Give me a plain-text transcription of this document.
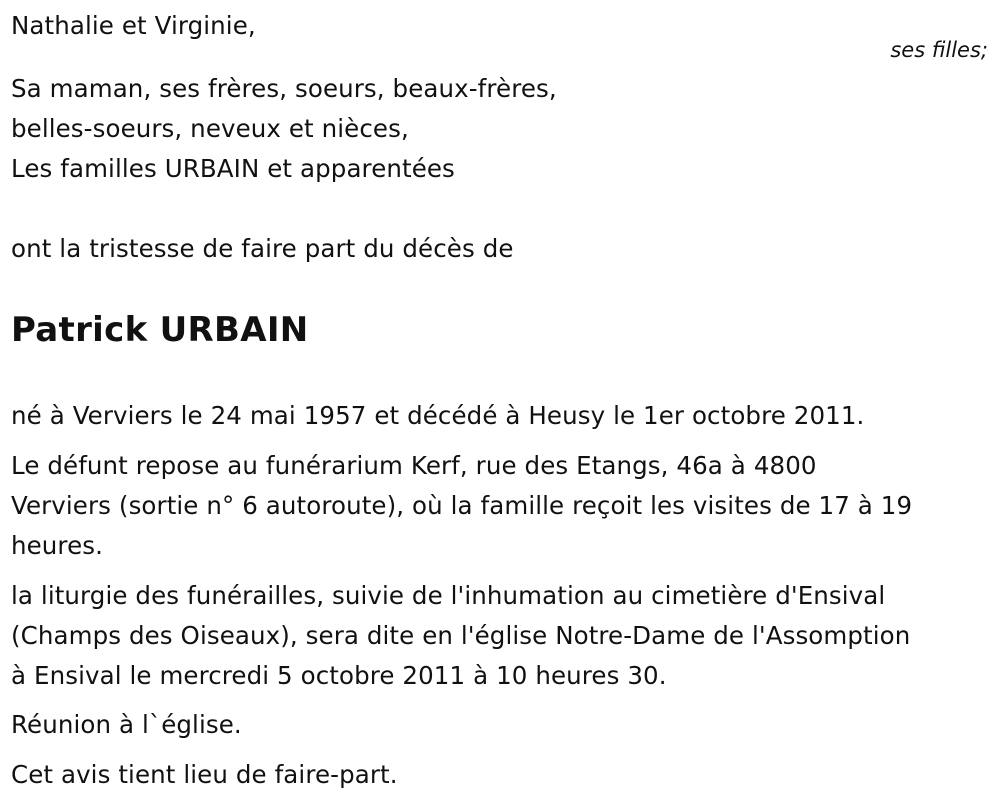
Nathalie et Virginie,

ses filles;

Sa maman, ses frères, soeurs, beaux-frères,

belles-soeurs, neveux et nièces,

Les familles URBAIN et apparentées

ont la tristesse de faire part du décès de

Patrick URBAIN

né à Verviers le 24 mai 1957 et décédé à Heusy le 1er octobre 2011.

Le défunt repose au funérarium Kerf, rue des Etangs, 46a à 4800

Verviers (sortie n° 6 autoroute), où la famille reçoit les visites de 17 à 19

heures.

la liturgie des funérailles, suivie de l'inhumation au cimetière d'Ensival

(Champs des Oiseaux), sera dite en l'église Notre-Dame de l'Assomption

à Ensival le mercredi 5 octobre 2011 à 10 heures 30.

Réunion à l`église.

Cet avis tient lieu de faire-part.
